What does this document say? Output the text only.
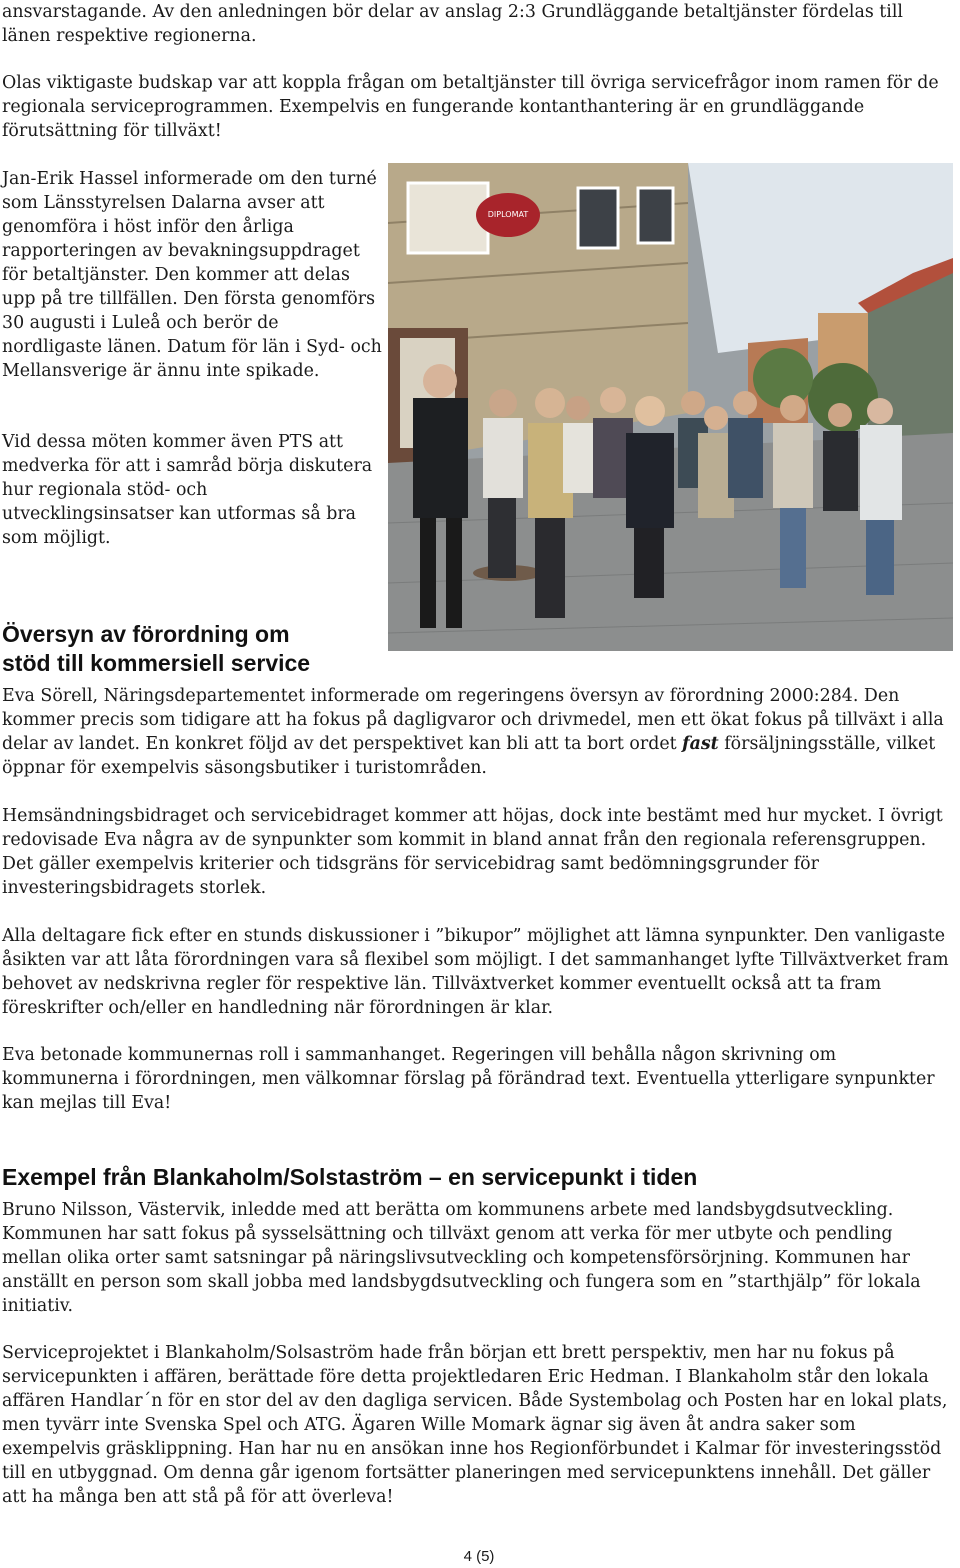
ansvarstagande. Av den anledningen bör delar av anslag 2:3 Grundläggande betaltjänster fördelas till länen respektive regionerna.

Olas viktigaste budskap var att koppla frågan om betaltjänster till övriga servicefrågor inom ramen för de regionala serviceprogrammen. Exempelvis en fungerande kontanthantering är en grundläggande förutsättning för tillväxt!

Jan-Erik Hassel informerade om den turné som Länsstyrelsen Dalarna avser att genomföra i höst inför den årliga rapporteringen av bevakningsuppdraget för betaltjänster. Den kommer att delas upp på tre tillfällen. Den första genomförs 30 augusti i Luleå och berör de nordligaste länen. Datum för län i Syd- och Mellansverige är ännu inte spikade.

Vid dessa möten kommer även PTS att medverka för att i samråd börja diskutera hur regionala stöd- och utvecklingsinsatser kan utformas så bra som möjligt.

DIPLOMAT
Översyn av förordning om
stöd till kommersiell service

Eva Sörell, Näringsdepartementet informerade om regeringens översyn av förordning 2000:284. Den kommer precis som tidigare att ha fokus på dagligvaror och drivmedel, men ett ökat fokus på tillväxt i alla delar av landet. En konkret följd av det perspektivet kan bli att ta bort ordet fast försäljningsställe, vilket öppnar för exempelvis säsongsbutiker i turistområden.

Hemsändningsbidraget och servicebidraget kommer att höjas, dock inte bestämt med hur mycket. I övrigt redovisade Eva några av de synpunkter som kommit in bland annat från den regionala referensgruppen. Det gäller exempelvis kriterier och tidsgräns för servicebidrag samt bedömningsgrunder för investeringsbidragets storlek.

Alla deltagare fick efter en stunds diskussioner i ”bikupor” möjlighet att lämna synpunkter. Den vanligaste åsikten var att låta förordningen vara så flexibel som möjligt. I det sammanhanget lyfte Tillväxtverket fram behovet av nedskrivna regler för respektive län. Tillväxtverket kommer eventuellt också att ta fram föreskrifter och/eller en handledning när förordningen är klar.

Eva betonade kommunernas roll i sammanhanget. Regeringen vill behålla någon skrivning om kommunerna i förordningen, men välkomnar förslag på förändrad text. Eventuella ytterligare synpunkter kan mejlas till Eva!

Exempel från Blankaholm/Solstaström – en servicepunkt i tiden

Bruno Nilsson, Västervik, inledde med att berätta om kommunens arbete med landsbygdsutveckling. Kommunen har satt fokus på sysselsättning och tillväxt genom att verka för mer utbyte och pendling mellan olika orter samt satsningar på näringslivsutveckling och kompetensförsörjning. Kommunen har anställt en person som skall jobba med landsbygdsutveckling och fungera som en ”starthjälp” för lokala initiativ.

Serviceprojektet i Blankaholm/Solsaström hade från början ett brett perspektiv, men har nu fokus på servicepunkten i affären, berättade före detta projektledaren Eric Hedman. I Blankaholm står den lokala affären Handlar´n för en stor del av den dagliga servicen. Både Systembolag och Posten har en lokal plats, men tyvärr inte Svenska Spel och ATG. Ägaren Wille Momark ägnar sig även åt andra saker som exempelvis gräsklippning. Han har nu en ansökan inne hos Regionförbundet i Kalmar för investeringsstöd till en utbyggnad. Om denna går igenom fortsätter planeringen med servicepunktens innehåll. Det gäller att ha många ben att stå på för att överleva!

4 (5)
